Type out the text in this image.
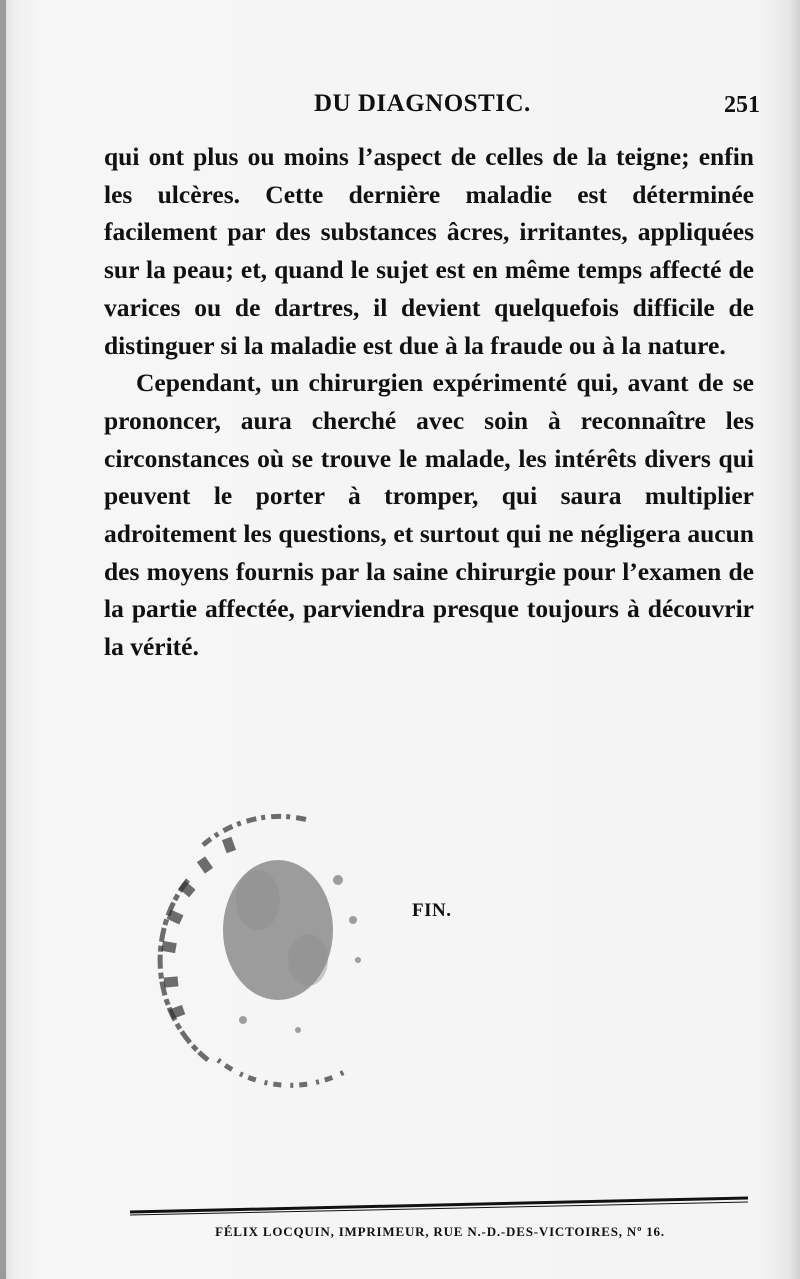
DU DIAGNOSTIC.	251

qui ont plus ou moins l’aspect de celles de la teigne; enfin les ulcères. Cette dernière maladie est déterminée facilement par des substances âcres, irritantes, appliquées sur la peau; et, quand le sujet est en même temps affecté de varices ou de dartres, il devient quelquefois difficile de distinguer si la maladie est due à la fraude ou à la nature.

Cependant, un chirurgien expérimenté qui, avant de se prononcer, aura cherché avec soin à reconnaître les circonstances où se trouve le malade, les intérêts divers qui peuvent le porter à tromper, qui saura multiplier adroitement les questions, et surtout qui ne négligera aucun des moyens fournis par la saine chirurgie pour l’examen de la partie affectée, parviendra presque toujours à découvrir la vérité.

FIN.
FÉLIX LOCQUIN, IMPRIMEUR, RUE N.-D.-DES-VICTOIRES, Nº 16.
